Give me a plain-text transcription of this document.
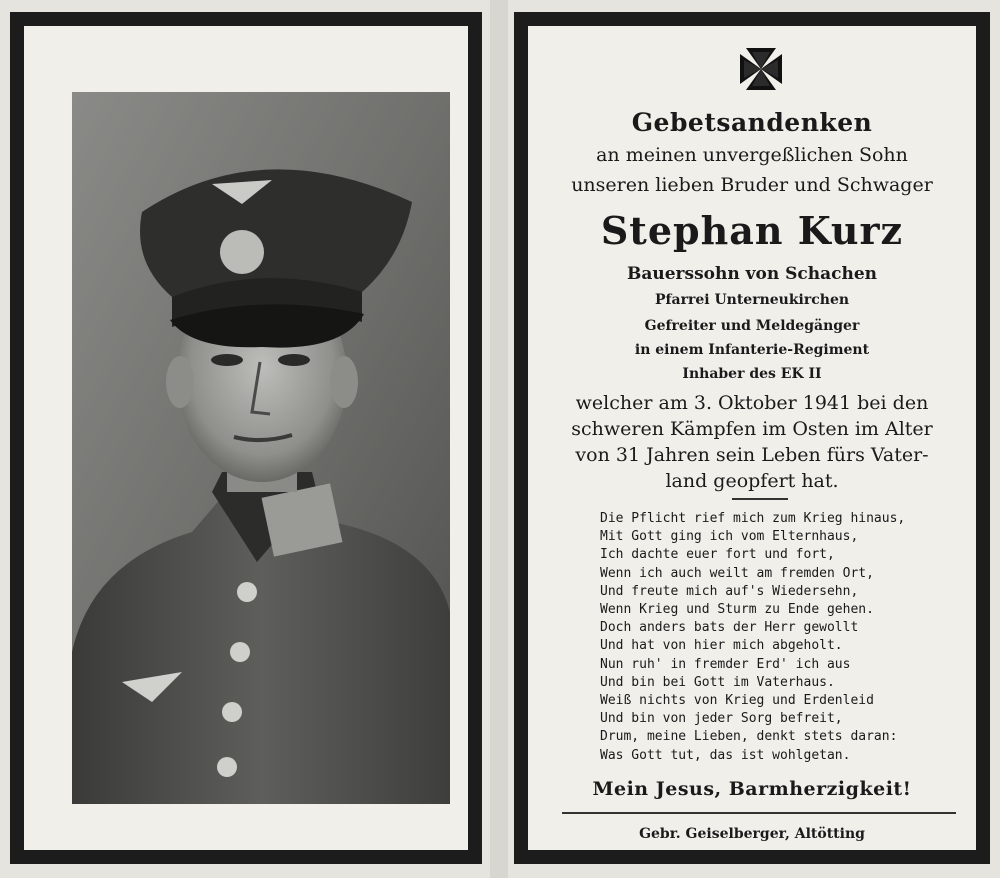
Gebetsandenken
an meinen unvergeßlichen Sohn
unseren lieben Bruder und Schwager
Stephan Kurz
Bauerssohn von Schachen
Pfarrei Unterneukirchen
Gefreiter und Meldegänger
in einem Infanterie-Regiment
Inhaber des EK II
welcher am 3. Oktober 1941 bei den
schweren Kämpfen im Osten im Alter
von 31 Jahren sein Leben fürs Vater-
land geopfert hat.
Die Pflicht rief mich zum Krieg hinaus,
Mit Gott ging ich vom Elternhaus,
Ich dachte euer fort und fort,
Wenn ich auch weilt am fremden Ort,
Und freute mich auf's Wiedersehn,
Wenn Krieg und Sturm zu Ende gehen.
Doch anders bats der Herr gewollt
Und hat von hier mich abgeholt.
Nun ruh' in fremder Erd' ich aus
Und bin bei Gott im Vaterhaus.
Weiß nichts von Krieg und Erdenleid
Und bin von jeder Sorg befreit,
Drum, meine Lieben, denkt stets daran:
Was Gott tut, das ist wohlgetan.
Mein Jesus, Barmherzigkeit!
Gebr. Geiselberger, Altötting
